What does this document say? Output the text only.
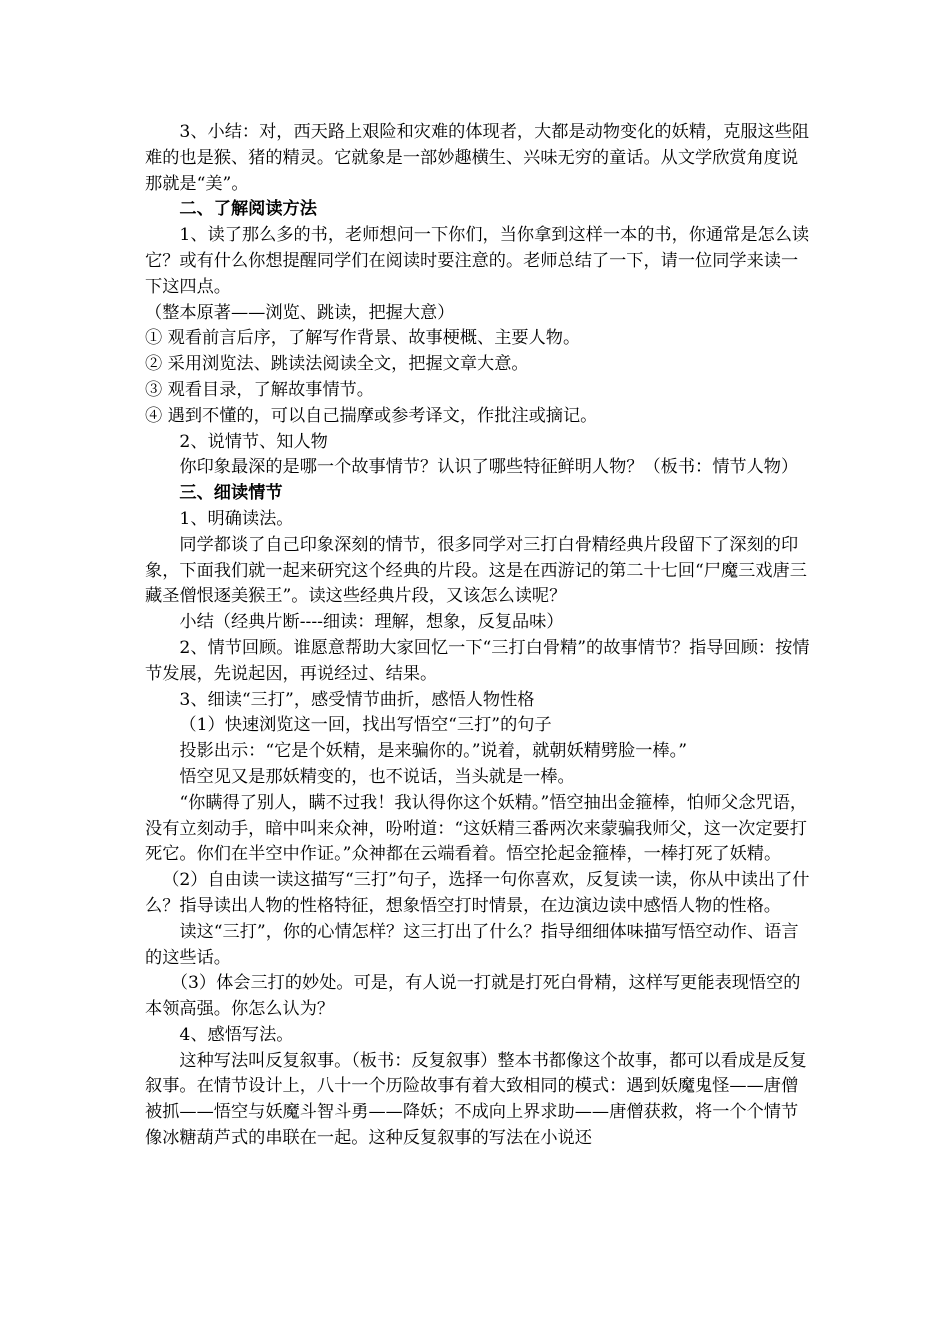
3、小结：对，西天路上艰险和灾难的体现者，大都是动物变化的妖精，克服这些阻难的也是猴、猪的精灵。它就象是一部妙趣横生、兴味无穷的童话。从文学欣赏角度说那就是“美”。

二、了解阅读方法

1、读了那么多的书，老师想问一下你们，当你拿到这样一本的书，你通常是怎么读它？或有什么你想提醒同学们在阅读时要注意的。老师总结了一下，请一位同学来读一下这四点。

（整本原著——浏览、跳读，把握大意）

① 观看前言后序，了解写作背景、故事梗概、主要人物。

② 采用浏览法、跳读法阅读全文，把握文章大意。

③ 观看目录，了解故事情节。

④ 遇到不懂的，可以自己揣摩或参考译文，作批注或摘记。

2、说情节、知人物

你印象最深的是哪一个故事情节？认识了哪些特征鲜明人物？（板书：情节人物）

三、细读情节

1、明确读法。

同学都谈了自己印象深刻的情节，很多同学对三打白骨精经典片段留下了深刻的印象，下面我们就一起来研究这个经典的片段。这是在西游记的第二十七回“尸魔三戏唐三藏圣僧恨逐美猴王”。读这些经典片段，又该怎么读呢？

小结（经典片断----细读：理解，想象，反复品味）

2、情节回顾。谁愿意帮助大家回忆一下“三打白骨精”的故事情节？指导回顾：按情节发展，先说起因，再说经过、结果。

3、细读“三打”，感受情节曲折，感悟人物性格

（1）快速浏览这一回，找出写悟空“三打”的句子

投影出示：“它是个妖精，是来骗你的。”说着，就朝妖精劈脸一棒。”

悟空见又是那妖精变的，也不说话，当头就是一棒。

“你瞒得了别人，瞒不过我！我认得你这个妖精。”悟空抽出金箍棒，怕师父念咒语，没有立刻动手，暗中叫来众神，吩咐道：“这妖精三番两次来蒙骗我师父，这一次定要打死它。你们在半空中作证。”众神都在云端看着。悟空抡起金箍棒，一棒打死了妖精。

（2）自由读一读这描写“三打”句子，选择一句你喜欢，反复读一读，你从中读出了什么？指导读出人物的性格特征，想象悟空打时情景，在边演边读中感悟人物的性格。

读这“三打”，你的心情怎样？这三打出了什么？指导细细体味描写悟空动作、语言的这些话。

（3）体会三打的妙处。可是，有人说一打就是打死白骨精，这样写更能表现悟空的本领高强。你怎么认为？

4、感悟写法。

这种写法叫反复叙事。（板书：反复叙事）整本书都像这个故事，都可以看成是反复叙事。在情节设计上，八十一个历险故事有着大致相同的模式：遇到妖魔鬼怪——唐僧被抓——悟空与妖魔斗智斗勇——降妖；不成向上界求助——唐僧获救，将一个个情节像冰糖葫芦式的串联在一起。这种反复叙事的写法在小说还
